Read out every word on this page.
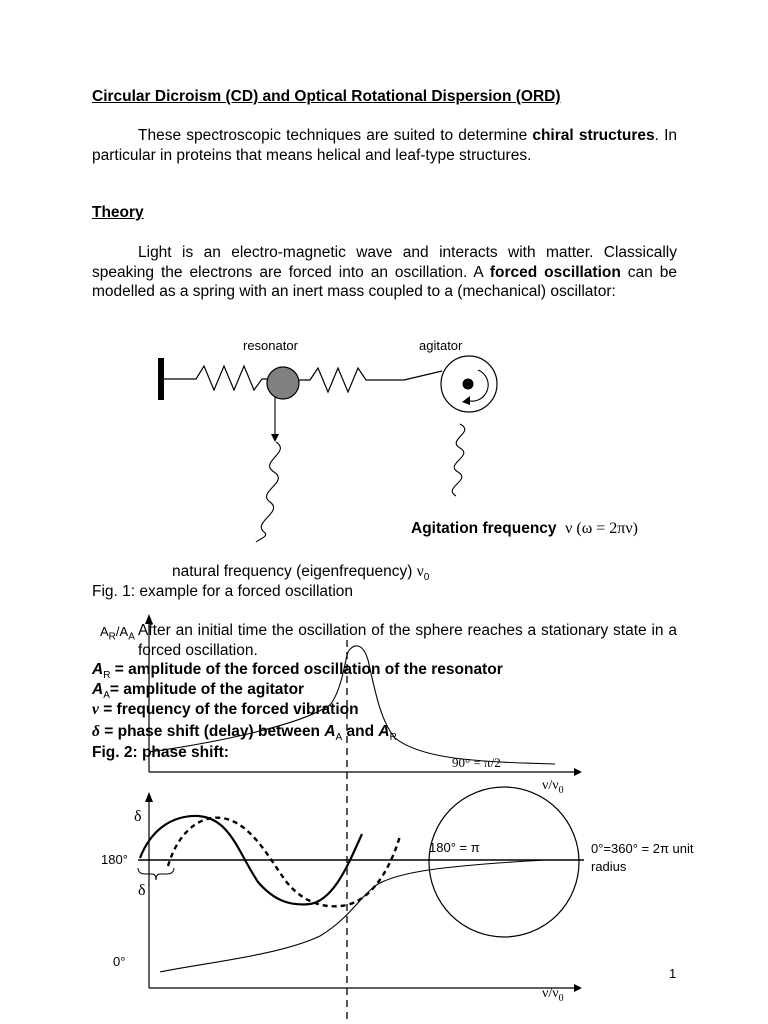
Circular Dicroism (CD) and Optical Rotational Dispersion (ORD)
These spectroscopic techniques are suited to determine chiral structures. In particular in proteins that means helical and leaf-type structures.
Theory
Light is an electro-magnetic wave and interacts with matter. Classically speaking the electrons are forced into an oscillation. A forced oscillation can be modelled as a spring with an inert mass coupled to a (mechanical) oscillator:
resonator	agitator
Agitation frequency ν (ω = 2πν)
natural frequency (eigenfrequency) $\nu_0$
Fig. 1: example for a forced oscillation
$A_R/A_A$ After an initial time the oscillation of the sphere reaches a stationary state in a forced oscillation.
$A_R$ = amplitude of the forced oscillation of the resonator
$A_A=$ amplitude of the agitator
ν = frequency of the forced vibration
δ = phase shift (delay) between $A_A$ and $A_R$
Fig. 2: phase shift:
90° = π/2
$\nu/\nu_0$
δ
δ
180°
0°
180° = π	0°=360° = 2π unit radius
$\nu/\nu_0$
1
